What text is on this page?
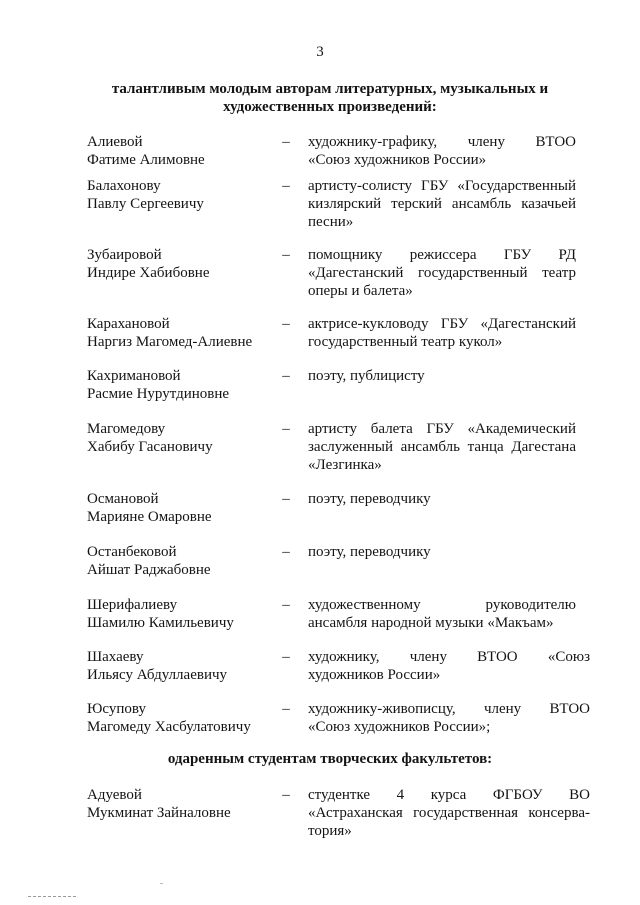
3
талантливым молодым авторам литературных, музыкальных и
художественных произведений:
Алиевой
Фатиме Алимовне
– художнику-графику, члену ВТОО
«Союз художников России»
Балахонову
Павлу Сергеевичу
– артисту-солисту ГБУ «Государственный
кизлярский терский ансамбль казачьей
песни»
Зубаировой
Индире Хабибовне
– помощнику режиссера ГБУ РД
«Дагестанский государственный театр
оперы и балета»
Карахановой
Наргиз Магомед-Алиевне
– актрисе-кукловоду ГБУ «Дагестанский
государственный театр кукол»
Кахримановой
Расмие Нурутдиновне
– поэту, публицисту
Магомедову
Хабибу Гасановичу
– артисту балета ГБУ «Академический
заслуженный ансамбль танца Дагестана
«Лезгинка»
Османовой
Марияне Омаровне
– поэту, переводчику
Останбековой
Айшат Раджабовне
– поэту, переводчику
Шерифалиеву
Шамилю Камильевичу
– художественному руководителю
ансамбля народной музыки «Макъам»
Шахаеву
Ильясу Абдуллаевичу
– художнику, члену ВТОО «Союз
художников России»
Юсупову
Магомеду Хасбулатовичу
– художнику-живописцу, члену ВТОО
«Союз художников России»;
одаренным студентам творческих факультетов:
Адуевой
Мукминат Зайналовне
– студентке 4 курса ФГБОУ ВО
«Астраханская государственная консерва-
тория»
